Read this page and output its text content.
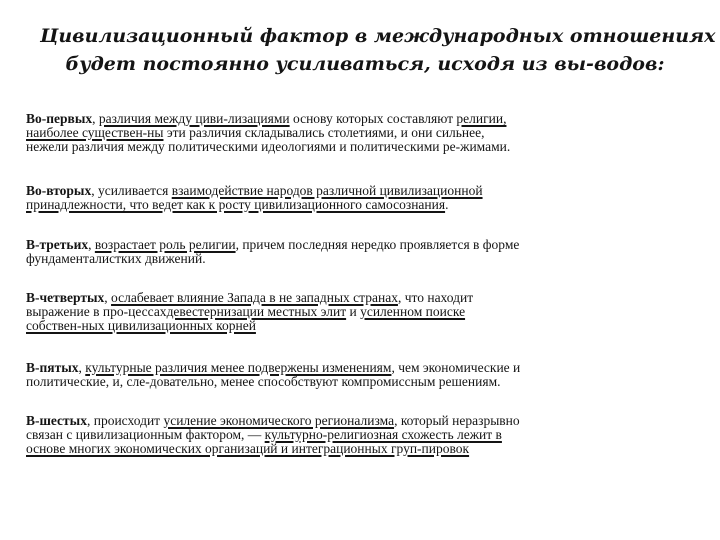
Цивилизационный фактор в международных отношениях
будет постоянно усиливаться, исходя из вы-водов:
Во-первых, различия между циви-лизациями основу которых составляют религии,
наиболее существен-ны эти различия складывались столетиями, и они сильнее,
нежели различия между политическими идеологиями и политическими ре-жимами.
Во-вторых, усиливается взаимодействие народов различной цивилизационной
принадлежности, что ведет как к росту цивилизационного самосознания.
В-третьих, возрастает роль религии, причем последняя нередко проявляется в форме
фундаменталистких движений.
В-четвертых, ослабевает влияние Запада в не западных странах, что находит
выражение в про-цессахдевестернизации местных элит и усиленном поиске
собствен-ных цивилизационных корней
В-пятых, культурные различия менее подвержены изменениям, чем экономические и
политические, и, сле-довательно, менее способствуют компромиссным решениям.
В-шестых, происходит усиление экономического регионализма, который неразрывно
связан с цивилизационным фактором, — культурно-религиозная схожесть лежит в
основе многих экономических организаций и интеграционных груп-пировок
